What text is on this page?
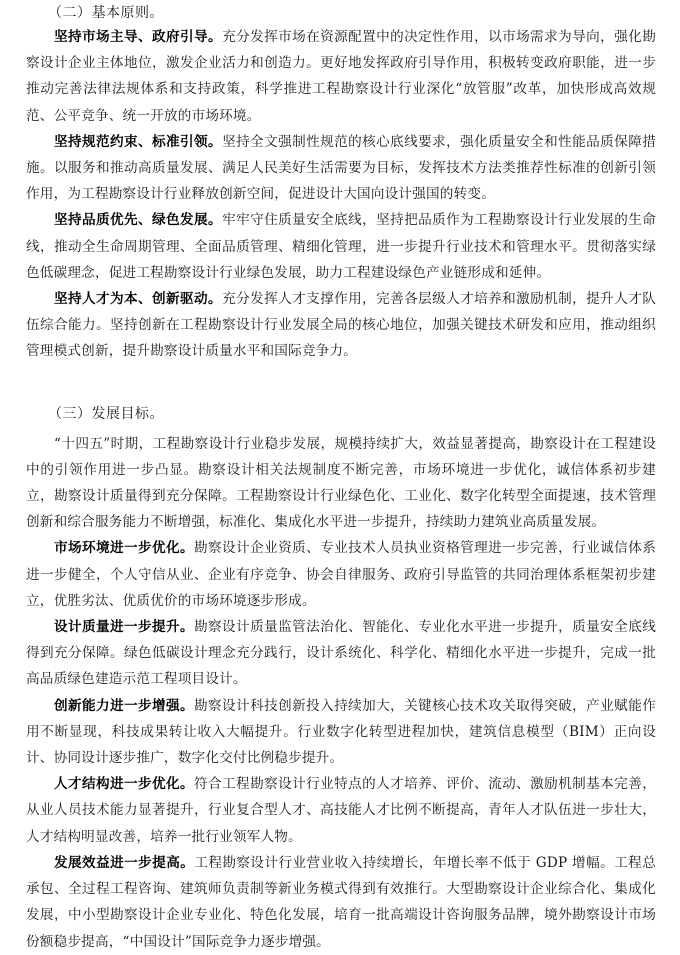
（二）基本原则。

坚持市场主导、政府引导。充分发挥市场在资源配置中的决定性作用，以市场需求为导向，强化勘察设计企业主体地位，激发企业活力和创造力。更好地发挥政府引导作用，积极转变政府职能，进一步推动完善法律法规体系和支持政策，科学推进工程勘察设计行业深化“放管服”改革，加快形成高效规范、公平竞争、统一开放的市场环境。

坚持规范约束、标准引领。坚持全文强制性规范的核心底线要求，强化质量安全和性能品质保障措施。以服务和推动高质量发展、满足人民美好生活需要为目标，发挥技术方法类推荐性标准的创新引领作用，为工程勘察设计行业释放创新空间，促进设计大国向设计强国的转变。

坚持品质优先、绿色发展。牢牢守住质量安全底线，坚持把品质作为工程勘察设计行业发展的生命线，推动全生命周期管理、全面品质管理、精细化管理，进一步提升行业技术和管理水平。贯彻落实绿色低碳理念，促进工程勘察设计行业绿色发展，助力工程建设绿色产业链形成和延伸。

坚持人才为本、创新驱动。充分发挥人才支撑作用，完善各层级人才培养和激励机制，提升人才队伍综合能力。坚持创新在工程勘察设计行业发展全局的核心地位，加强关键技术研发和应用，推动组织管理模式创新，提升勘察设计质量水平和国际竞争力。

（三）发展目标。

“十四五”时期，工程勘察设计行业稳步发展，规模持续扩大，效益显著提高，勘察设计在工程建设中的引领作用进一步凸显。勘察设计相关法规制度不断完善，市场环境进一步优化，诚信体系初步建立，勘察设计质量得到充分保障。工程勘察设计行业绿色化、工业化、数字化转型全面提速，技术管理创新和综合服务能力不断增强，标准化、集成化水平进一步提升，持续助力建筑业高质量发展。

市场环境进一步优化。勘察设计企业资质、专业技术人员执业资格管理进一步完善，行业诚信体系进一步健全，个人守信从业、企业有序竞争、协会自律服务、政府引导监管的共同治理体系框架初步建立，优胜劣汰、优质优价的市场环境逐步形成。

设计质量进一步提升。勘察设计质量监管法治化、智能化、专业化水平进一步提升，质量安全底线得到充分保障。绿色低碳设计理念充分践行，设计系统化、科学化、精细化水平进一步提升，完成一批高品质绿色建造示范工程项目设计。

创新能力进一步增强。勘察设计科技创新投入持续加大，关键核心技术攻关取得突破，产业赋能作用不断显现，科技成果转让收入大幅提升。行业数字化转型进程加快，建筑信息模型（BIM）正向设计、协同设计逐步推广，数字化交付比例稳步提升。

人才结构进一步优化。符合工程勘察设计行业特点的人才培养、评价、流动、激励机制基本完善，从业人员技术能力显著提升，行业复合型人才、高技能人才比例不断提高，青年人才队伍进一步壮大，人才结构明显改善，培养一批行业领军人物。

发展效益进一步提高。工程勘察设计行业营业收入持续增长，年增长率不低于 GDP 增幅。工程总承包、全过程工程咨询、建筑师负责制等新业务模式得到有效推行。大型勘察设计企业综合化、集成化发展，中小型勘察设计企业专业化、特色化发展，培育一批高端设计咨询服务品牌，境外勘察设计市场份额稳步提高，“中国设计”国际竞争力逐步增强。
